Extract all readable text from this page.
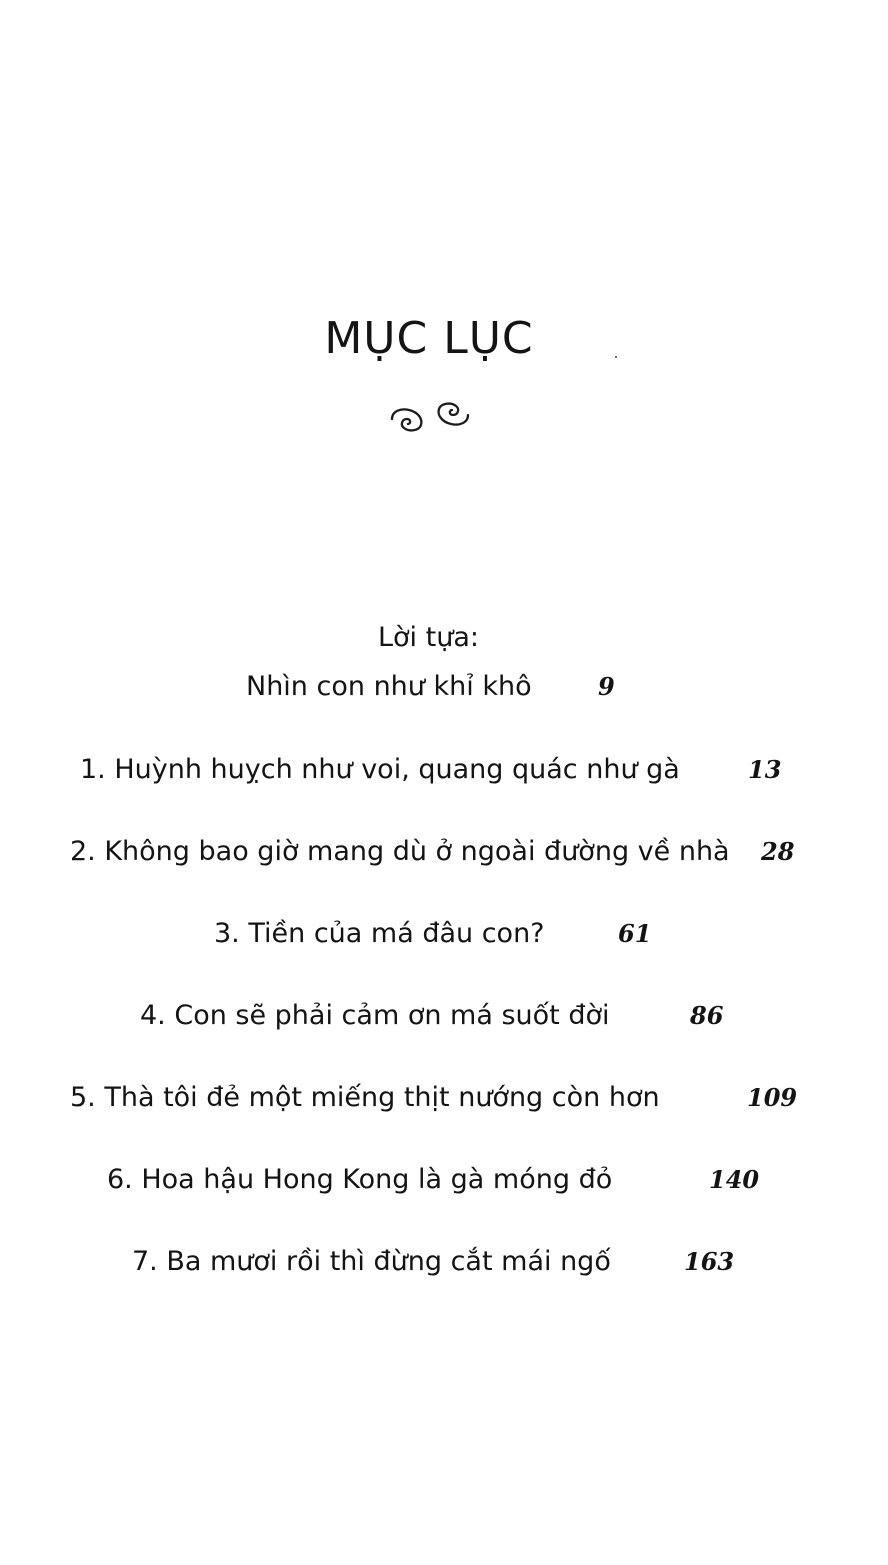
MỤC LỤC
Lời tựa:
Nhìn con như khỉ khô	9
1. Huỳnh huỵch như voi, quang quác như gà	13
2. Không bao giờ mang dù ở ngoài đường về nhà 28
3. Tiền của má đâu con?	61
4. Con sẽ phải cảm ơn má suốt đời	86
5. Thà tôi đẻ một miếng thịt nướng còn hơn	109
6. Hoa hậu Hong Kong là gà móng đỏ	140
7. Ba mươi rồi thì đừng cắt mái ngố	163
